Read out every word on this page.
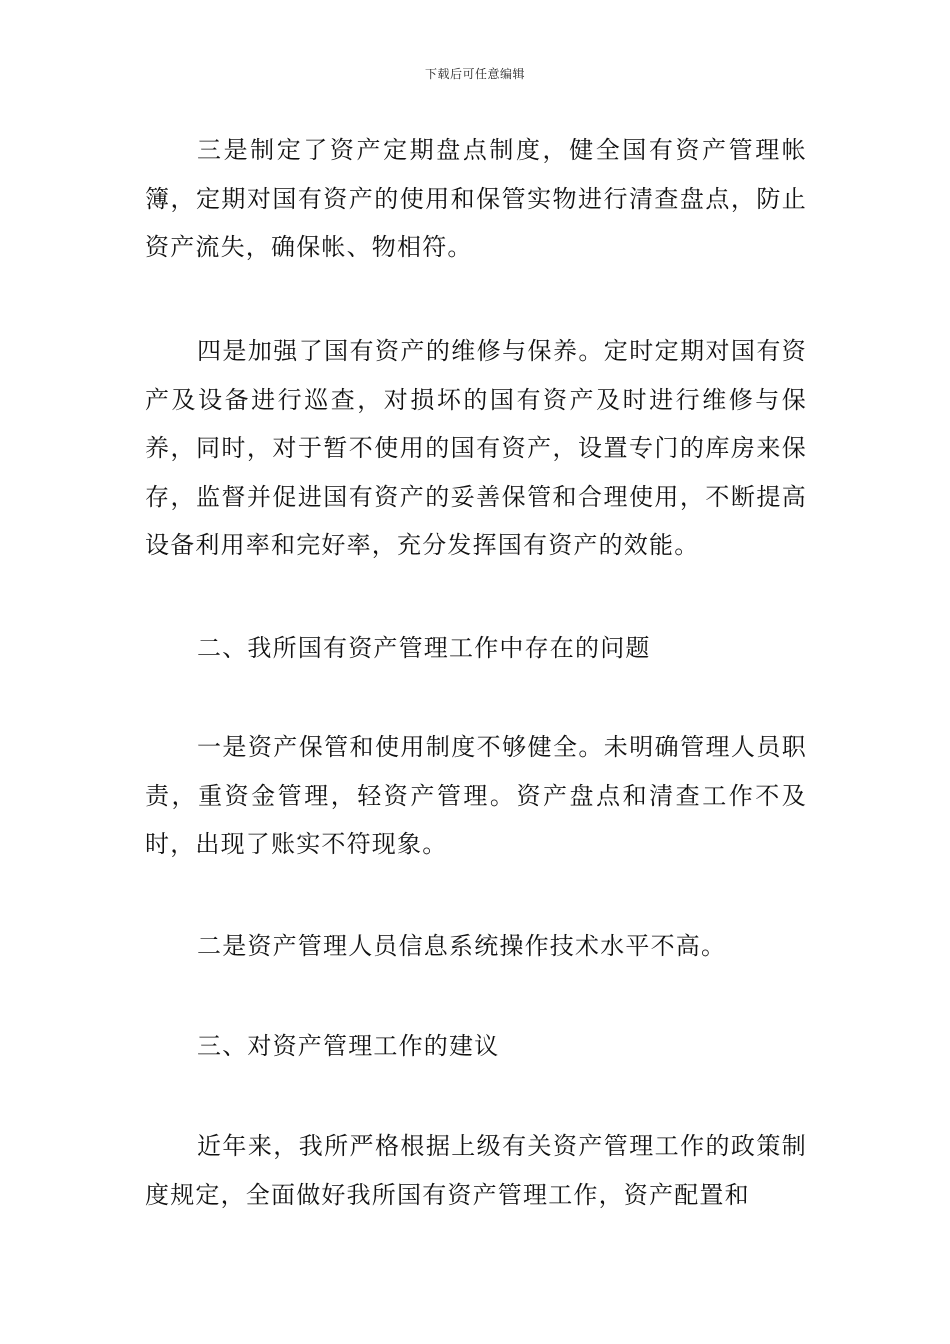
下载后可任意编辑

三是制定了资产定期盘点制度，健全国有资产管理帐簿，定期对国有资产的使用和保管实物进行清查盘点，防止资产流失，确保帐、物相符。

四是加强了国有资产的维修与保养。定时定期对国有资产及设备进行巡查，对损坏的国有资产及时进行维修与保养，同时，对于暂不使用的国有资产，设置专门的库房来保存，监督并促进国有资产的妥善保管和合理使用，不断提高设备利用率和完好率，充分发挥国有资产的效能。

二、我所国有资产管理工作中存在的问题

一是资产保管和使用制度不够健全。未明确管理人员职责，重资金管理，轻资产管理。资产盘点和清查工作不及时，出现了账实不符现象。

二是资产管理人员信息系统操作技术水平不高。

三、对资产管理工作的建议

近年来，我所严格根据上级有关资产管理工作的政策制度规定，全面做好我所国有资产管理工作，资产配置和
